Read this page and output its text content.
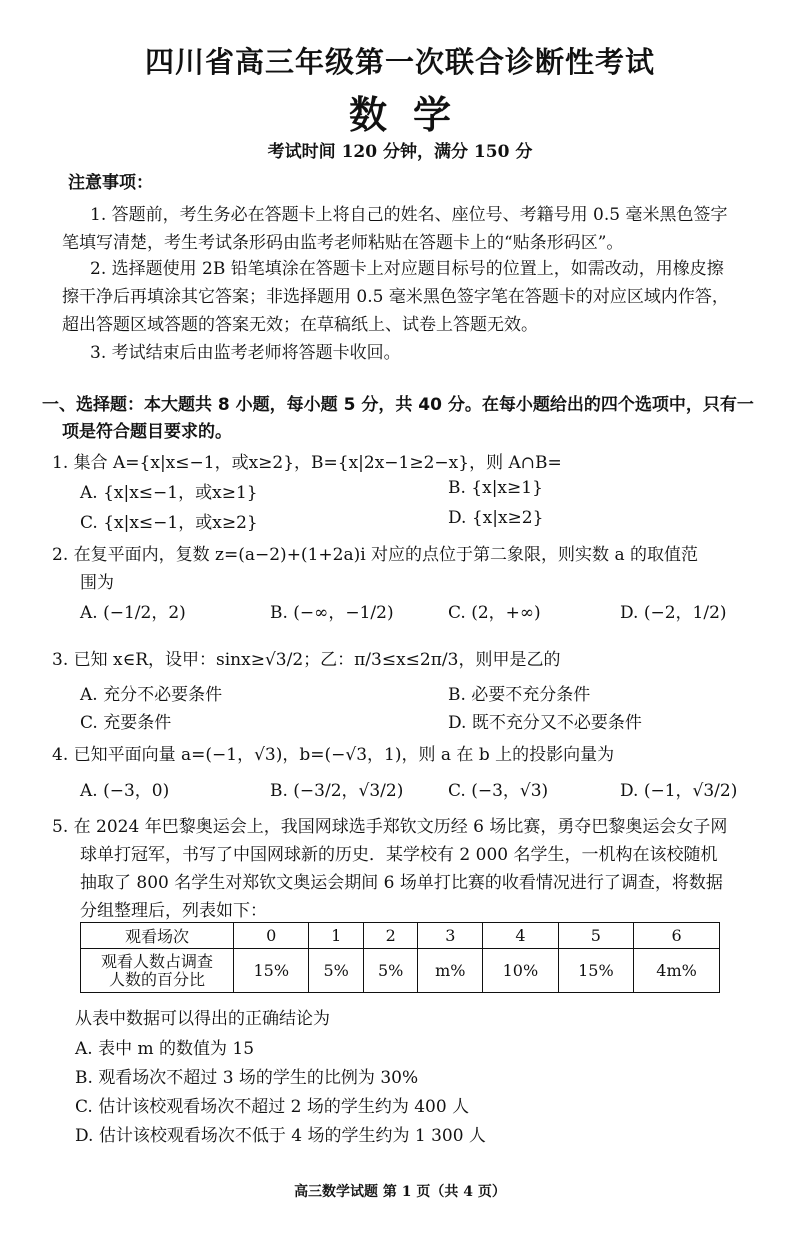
四川省高三年级第一次联合诊断性考试
数学
考试时间 120 分钟，满分 150 分
注意事项：
1. 答题前，考生务必在答题卡上将自己的姓名、座位号、考籍号用 0.5 毫米黑色签字
笔填写清楚，考生考试条形码由监考老师粘贴在答题卡上的“贴条形码区”。
2. 选择题使用 2B 铅笔填涂在答题卡上对应题目标号的位置上，如需改动，用橡皮擦
擦干净后再填涂其它答案；非选择题用 0.5 毫米黑色签字笔在答题卡的对应区域内作答，
超出答题区域答题的答案无效；在草稿纸上、试卷上答题无效。
3. 考试结束后由监考老师将答题卡收回。
一、选择题：本大题共 8 小题，每小题 5 分，共 40 分。在每小题给出的四个选项中，只有一
项是符合题目要求的。
1. 集合 A={x|x≤−1，或x≥2}，B={x|2x−1≥2−x}，则 A∩B=
A. {x|x≤−1，或x≥1}	B. {x|x≥1}
C. {x|x≤−1，或x≥2}	D. {x|x≥2}
2. 在复平面内，复数 z=(a−2)+(1+2a)i 对应的点位于第二象限，则实数 a 的取值范
围为
A. (−1/2，2)	B. (−∞，−1/2)	C. (2，+∞)	D. (−2，1/2)
3. 已知 x∈R，设甲：sinx≥√3/2；乙：π/3≤x≤2π/3，则甲是乙的
A. 充分不必要条件	B. 必要不充分条件
C. 充要条件	D. 既不充分又不必要条件
4. 已知平面向量 a=(−1，√3)，b=(−√3，1)，则 a 在 b 上的投影向量为
A. (−3，0)	B. (−3/2，√3/2)	C. (−3，√3)	D. (−1，√3/2)
5. 在 2024 年巴黎奥运会上，我国网球选手郑钦文历经 6 场比赛，勇夺巴黎奥运会女子网
球单打冠军，书写了中国网球新的历史．某学校有 2 000 名学生，一机构在该校随机
抽取了 800 名学生对郑钦文奥运会期间 6 场单打比赛的收看情况进行了调查，将数据
分组整理后，列表如下：
观看场次	0	1	2	3	4	5	6

观看人数占调查
人数的百分比	15%	5%	5%	m%	10%	15%	4m%
从表中数据可以得出的正确结论为
A. 表中 m 的数值为 15
B. 观看场次不超过 3 场的学生的比例为 30%
C. 估计该校观看场次不超过 2 场的学生约为 400 人
D. 估计该校观看场次不低于 4 场的学生约为 1 300 人
高三数学试题 第 1 页（共 4 页）
